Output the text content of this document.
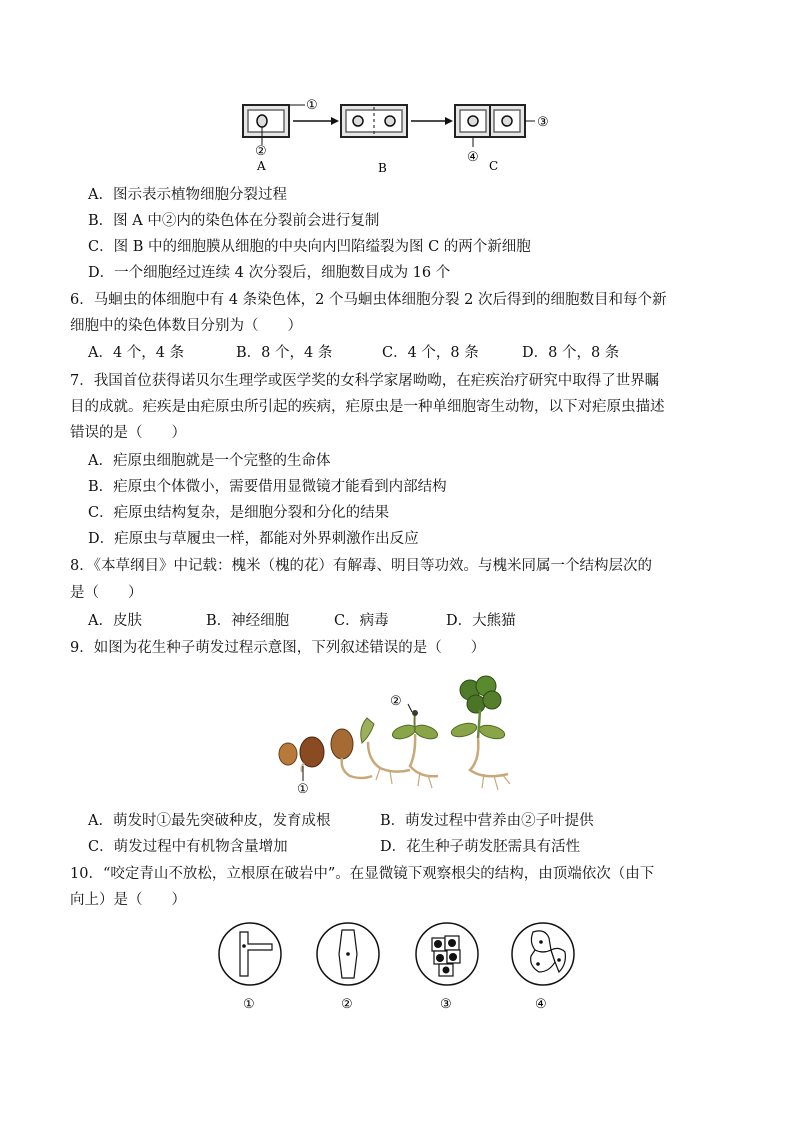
①
②
A	B
③
④
C
A．图示表示植物细胞分裂过程
B．图 A 中②内的染色体在分裂前会进行复制
C．图 B 中的细胞膜从细胞的中央向内凹陷缢裂为图 C 的两个新细胞
D．一个细胞经过连续 4 次分裂后，细胞数目成为 16 个
6．马蛔虫的体细胞中有 4 条染色体，2 个马蛔虫体细胞分裂 2 次后得到的细胞数目和每个新
细胞中的染色体数目分别为（　　）
A．4 个，4 条	B．8 个，4 条	C．4 个，8 条	D．8 个，8 条
7．我国首位获得诺贝尔生理学或医学奖的女科学家屠呦呦，在疟疾治疗研究中取得了世界瞩
目的成就。疟疾是由疟原虫所引起的疾病，疟原虫是一种单细胞寄生动物，以下对疟原虫描述
错误的是（　　）
A．疟原虫细胞就是一个完整的生命体
B．疟原虫个体微小，需要借用显微镜才能看到内部结构
C．疟原虫结构复杂，是细胞分裂和分化的结果
D．疟原虫与草履虫一样，都能对外界刺激作出反应
8．《本草纲目》中记载：槐米（槐的花）有解毒、明目等功效。与槐米同属一个结构层次的
是（　　）
A．皮肤	B．神经细胞	C．病毒	D．大熊猫
9．如图为花生种子萌发过程示意图，下列叙述错误的是（　　）
①
②
A．萌发时①最先突破种皮，发育成根	B．萌发过程中营养由②子叶提供
C．萌发过程中有机物含量增加	D．花生种子萌发胚需具有活性
10．“咬定青山不放松，立根原在破岩中”。在显微镜下观察根尖的结构，由顶端依次（由下
向上）是（　　）
①	②	③	④
